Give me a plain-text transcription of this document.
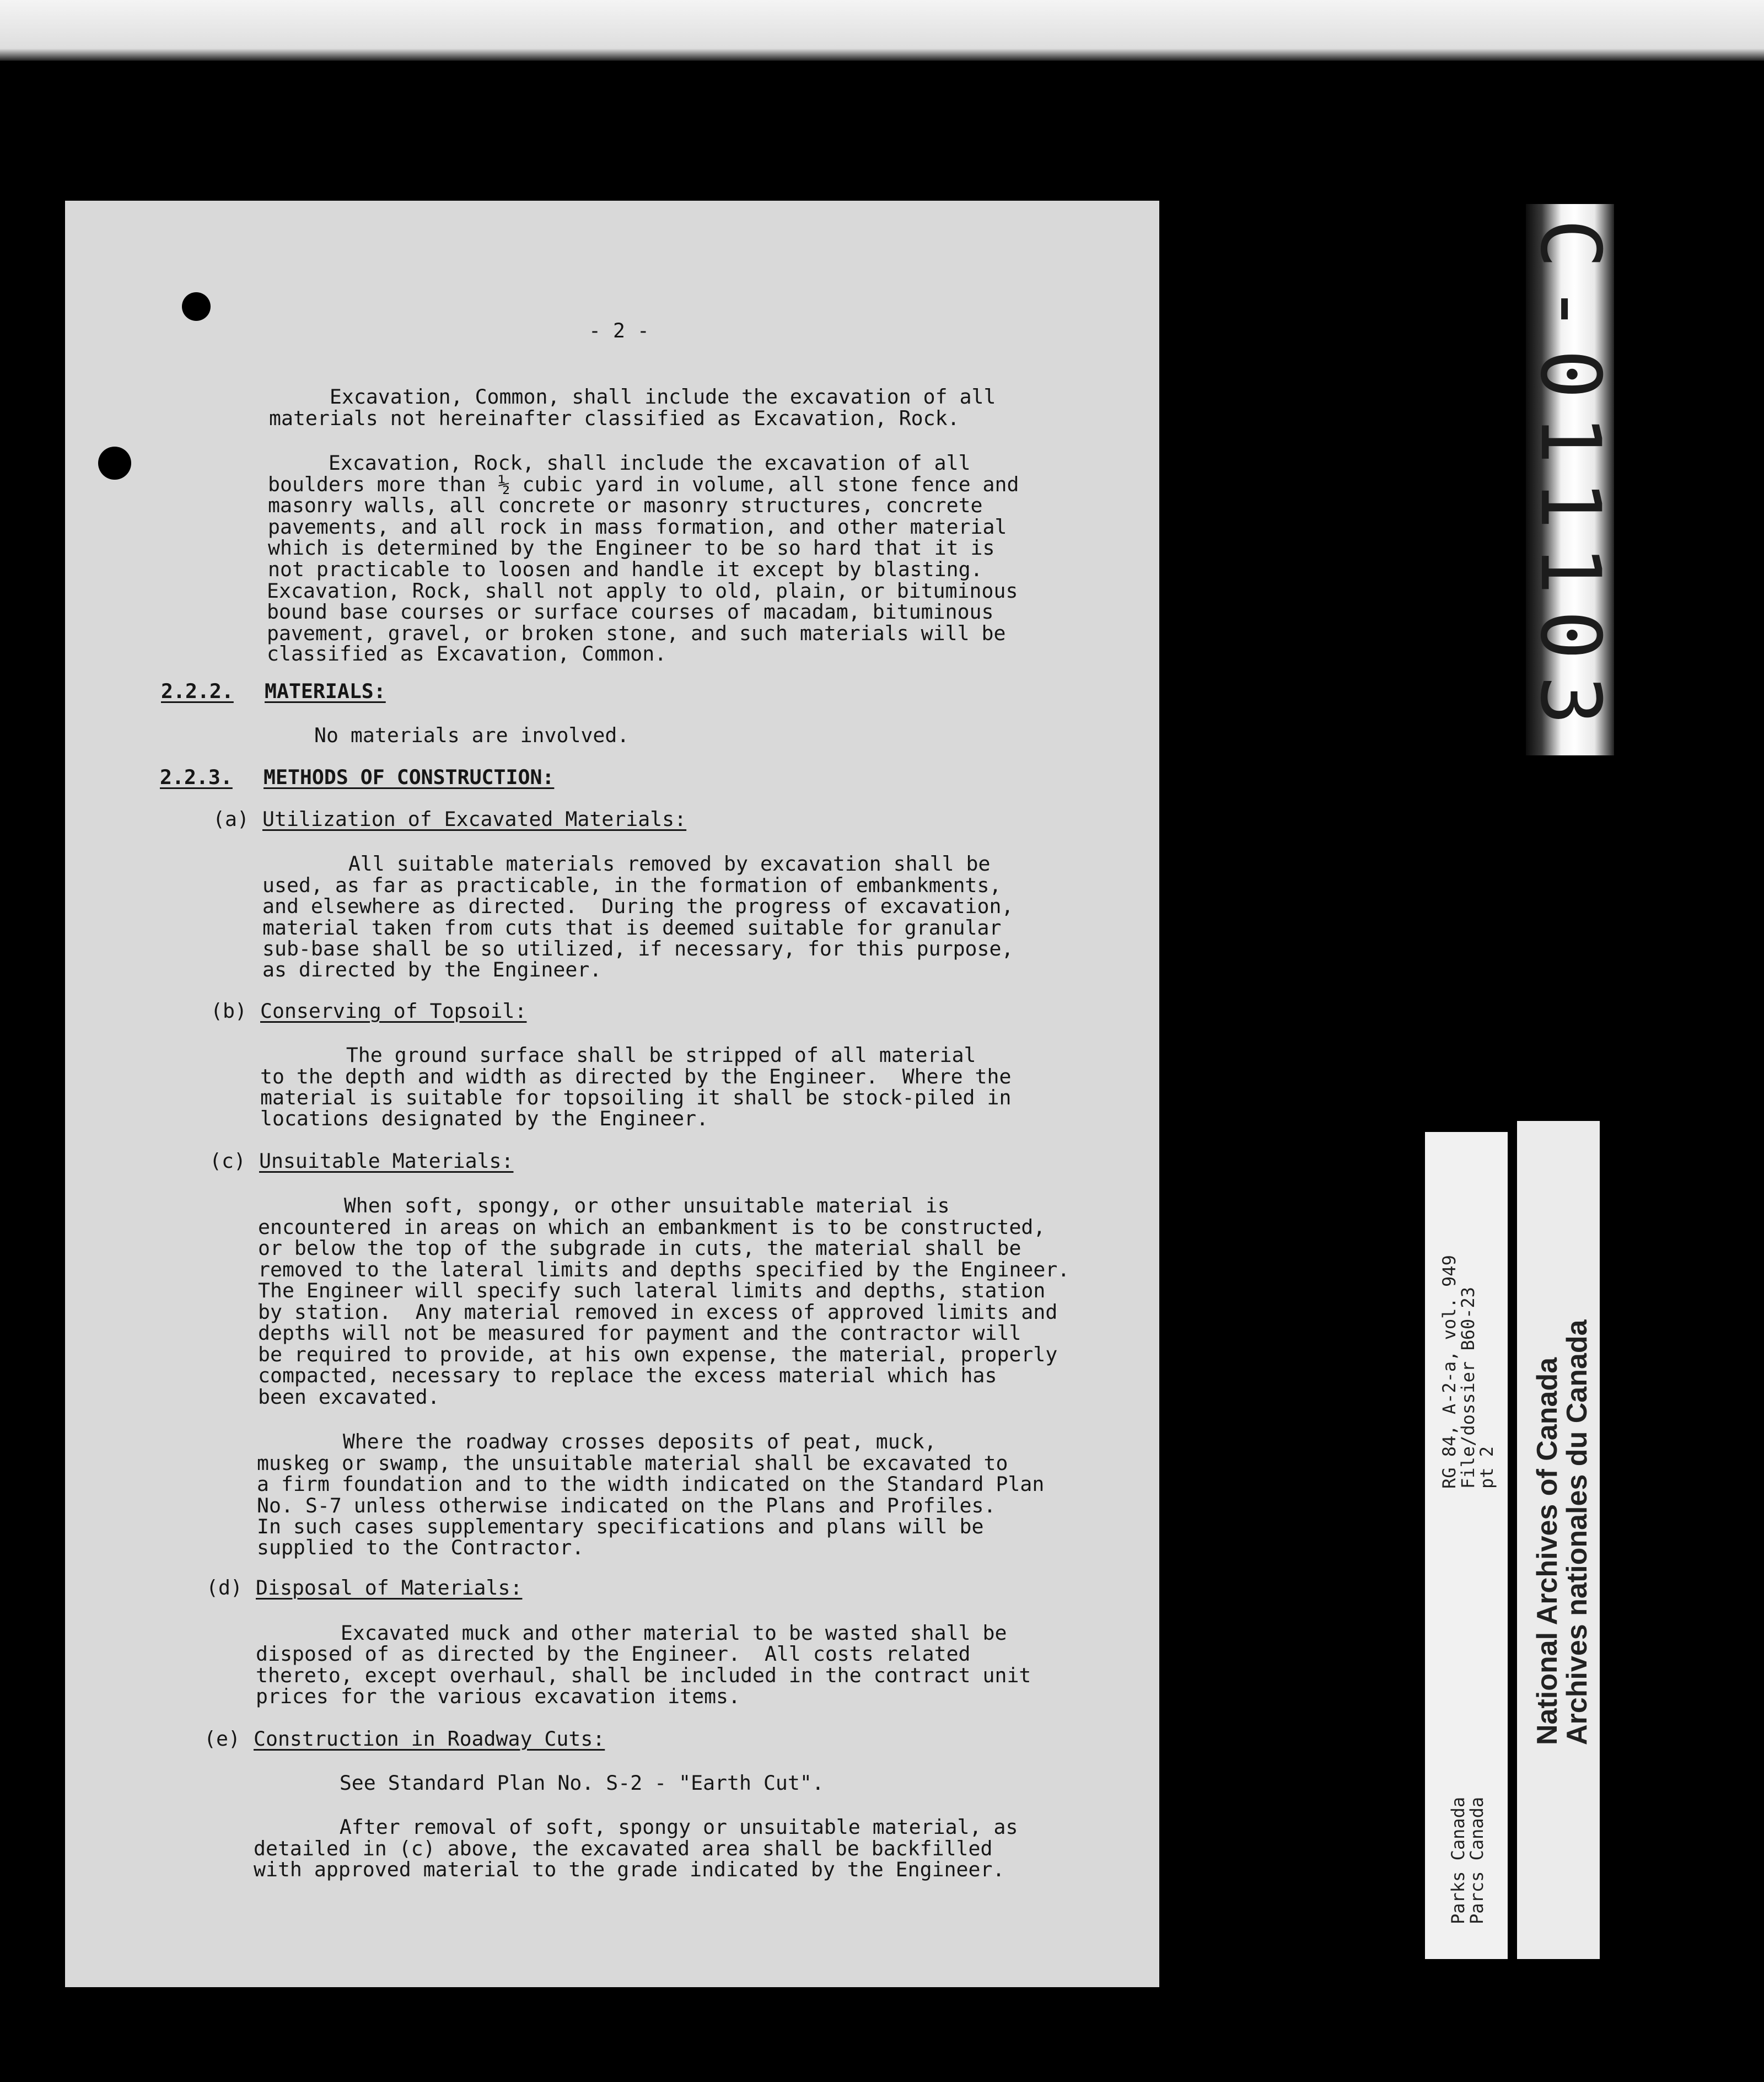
- 2 -

Excavation, Common, shall include the excavation of all

materials not hereinafter classified as Excavation, Rock.

Excavation, Rock, shall include the excavation of all

boulders more than ½ cubic yard in volume, all stone fence and

masonry walls, all concrete or masonry structures, concrete

pavements, and all rock in mass formation, and other material

which is determined by the Engineer to be so hard that it is

not practicable to loosen and handle it except by blasting.

Excavation, Rock, shall not apply to old, plain, or bituminous

bound base courses or surface courses of macadam, bituminous

pavement, gravel, or broken stone, and such materials will be

classified as Excavation, Common.

2.2.2. MATERIALS:

No materials are involved.

2.2.3. METHODS OF CONSTRUCTION:

(a) Utilization of Excavated Materials:

All suitable materials removed by excavation shall be

used, as far as practicable, in the formation of embankments,

and elsewhere as directed.  During the progress of excavation,

material taken from cuts that is deemed suitable for granular

sub-base shall be so utilized, if necessary, for this purpose,

as directed by the Engineer.

(b) Conserving of Topsoil:

The ground surface shall be stripped of all material

to the depth and width as directed by the Engineer.  Where the

material is suitable for topsoiling it shall be stock-piled in

locations designated by the Engineer.

(c) Unsuitable Materials:

When soft, spongy, or other unsuitable material is

encountered in areas on which an embankment is to be constructed,

or below the top of the subgrade in cuts, the material shall be

removed to the lateral limits and depths specified by the Engineer.

The Engineer will specify such lateral limits and depths, station

by station.  Any material removed in excess of approved limits and

depths will not be measured for payment and the contractor will

be required to provide, at his own expense, the material, properly

compacted, necessary to replace the excess material which has

been excavated.

Where the roadway crosses deposits of peat, muck,

muskeg or swamp, the unsuitable material shall be excavated to

a firm foundation and to the width indicated on the Standard Plan

No. S-7 unless otherwise indicated on the Plans and Profiles.

In such cases supplementary specifications and plans will be

supplied to the Contractor.

(d) Disposal of Materials:

Excavated muck and other material to be wasted shall be

disposed of as directed by the Engineer.  All costs related

thereto, except overhaul, shall be included in the contract unit

prices for the various excavation items.

(e) Construction in Roadway Cuts:

See Standard Plan No. S-2 - "Earth Cut".

After removal of soft, spongy or unsuitable material, as

detailed in (c) above, the excavated area shall be backfilled

with approved material to the grade indicated by the Engineer.

C-011103
RG 84, A-2-a, vol. 949
File/dossier B60-23
pt 2
Parks Canada
Parcs Canada
National Archives of Canada
Archives nationales du Canada
